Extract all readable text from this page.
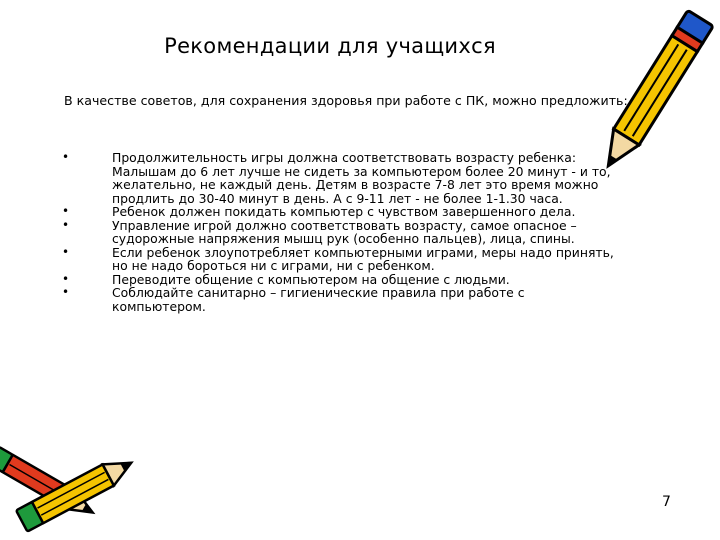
Рекомендации для учащихся

В качестве советов, для сохранения здоровья при работе с ПК, можно предложить:

•	Продолжительность игры должна соответствовать возрасту ребенка: Малышам до 6 лет лучше не сидеть за компьютером более 20 минут - и то, желательно, не каждый день. Детям в возрасте 7-8 лет это время можно продлить до 30-40 минут в день. А с 9-11 лет - не более 1-1.30 часа.
•	Ребенок должен покидать компьютер с чувством завершенного дела.
•	Управление игрой должно соответствовать возрасту, самое опасное – судорожные напряжения мышц рук (особенно пальцев), лица, спины.
•	Если ребенок злоупотребляет компьютерными играми, меры надо принять, но не надо бороться ни с играми, ни с ребенком.
•	Переводите общение с компьютером на общение с людьми.
•	Соблюдайте санитарно – гигиенические правила при работе с компьютером.
7
